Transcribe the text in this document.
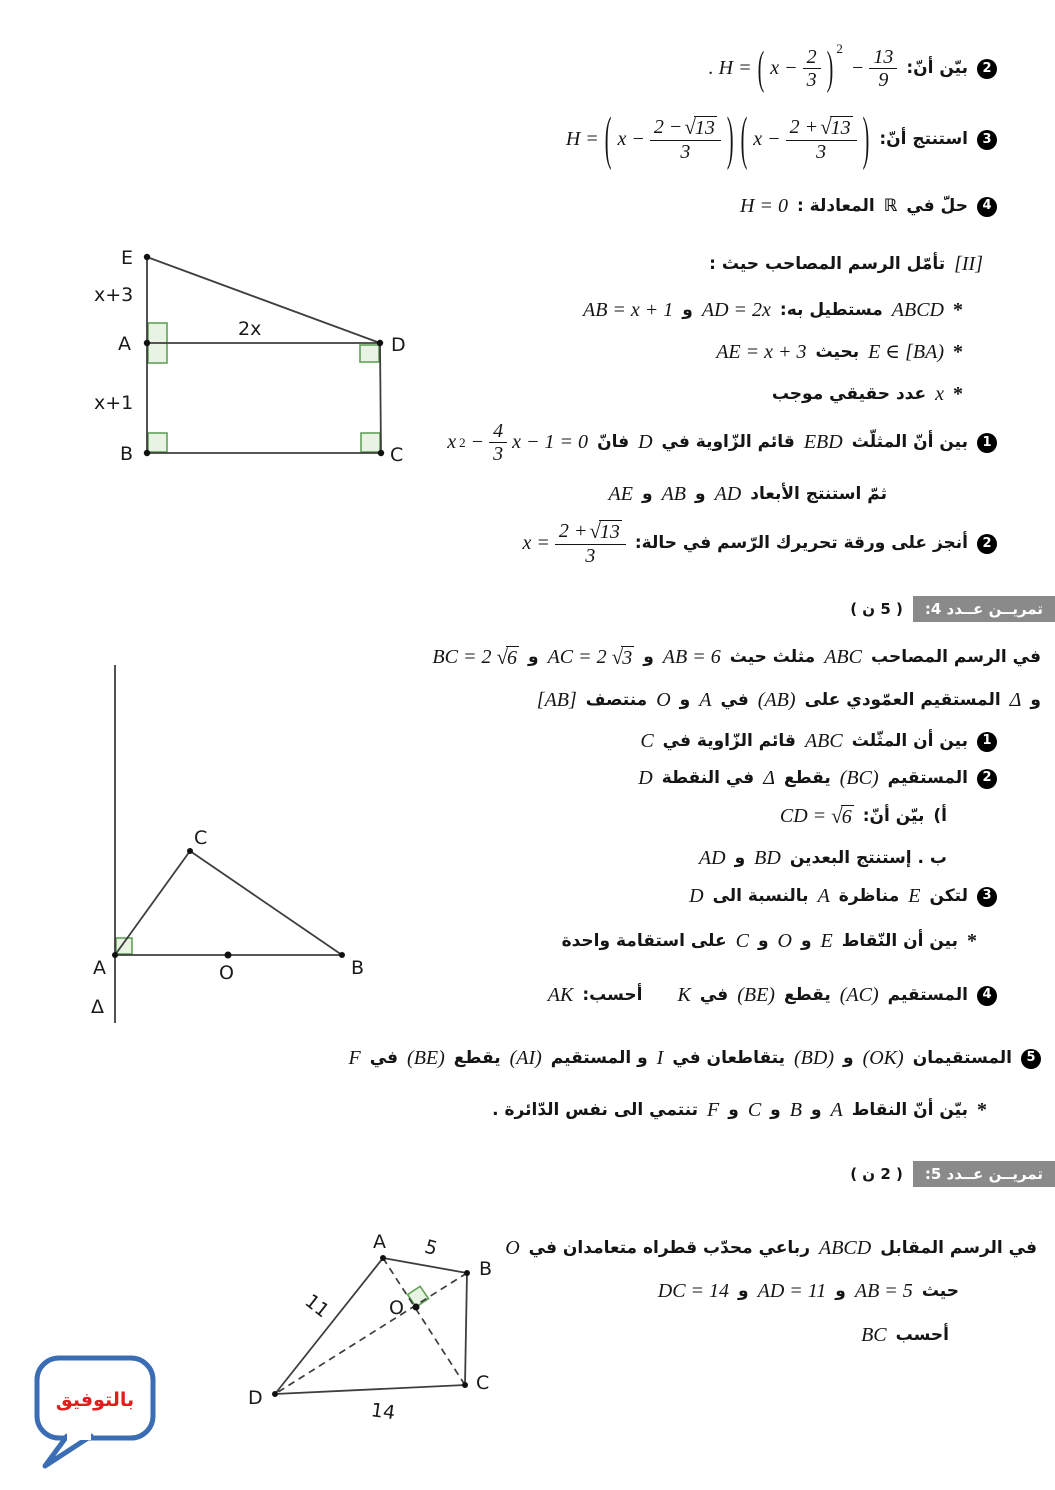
2
بيّن أنّ:
. H = ( $x - \frac{2}{3}$ ) 2
− $\frac{13}{9}$
3
استنتج أنّ:
H = ( $x - \frac{2 - √ 13}{3}$ ) ( $x - \frac{2 + √ 13}{3}$ )
4
حلّ في
ℝ
المعادلة :
H = 0
[II]
تأمّل الرسم المصاحب حيث :
*
ABCD
مستطيل به:
AD = 2x
و
AB = x + 1
*
E ∈ [BA)
بحيث
AE = x + 3
*
x
عدد حقيقي موجب
1
بين أنّ المثلّث
EBD
قائم الزّاوية في
D
فانّ
x $2 - \frac{4}{3}$ x − 1 = 0
ثمّ استنتج الأبعاد
AD
و
AB
و
AE
2
أنجز على ورقة تحريرك الرّسم في حالة:
$x = \frac{2 + √ 13}{3}$
تمريــن عــدد 4:
( 5 ن )
في الرسم المصاحب
ABC
مثلث حيث
AB = 6
و
AC = 2 √ 3
و
BC = 2 √ 6
و
Δ
المستقيم العمّودي على
(AB)
في
A
و
O
منتصف
[AB]
1
بين أن المثّلث
ABC
قائم الزّاوية في
C
2
المستقيم
(BC)
يقطع
Δ
في النقطة
D
أ)
بيّن أنّ:
CD = √ 6
ب . إستنتج البعدين
BD
و
AD
3
لتكن
E
مناظرة
A
بالنسبة الى
D
*
بين أن النّقاط
E
و
O
و
C
على استقامة واحدة
4
المستقيم
(AC)
يقطع
(BE)
في
K
أحسب:
AK
5
المستقيمان
(OK)
و
(BD)
يتقاطعان في
I
و المستقيم
(AI)
يقطع
(BE)
في
F
*
بيّن أنّ النقاط
A
و
B
و
C
و
F
تنتمي الى نفس الدّائرة .
تمريــن عــدد 5:
( 2 ن )
في الرسم المقابل
ABCD
رباعي محدّب قطراه متعامدان في
O
حيث
AB = 5
و
AD = 11
و
DC = 14
أحسب
BC
E
x+3
A
2x
D
x+1
B	C
C
A	O	B
Δ
A 5
B
11	O
D
C
14
بالتوفيق
